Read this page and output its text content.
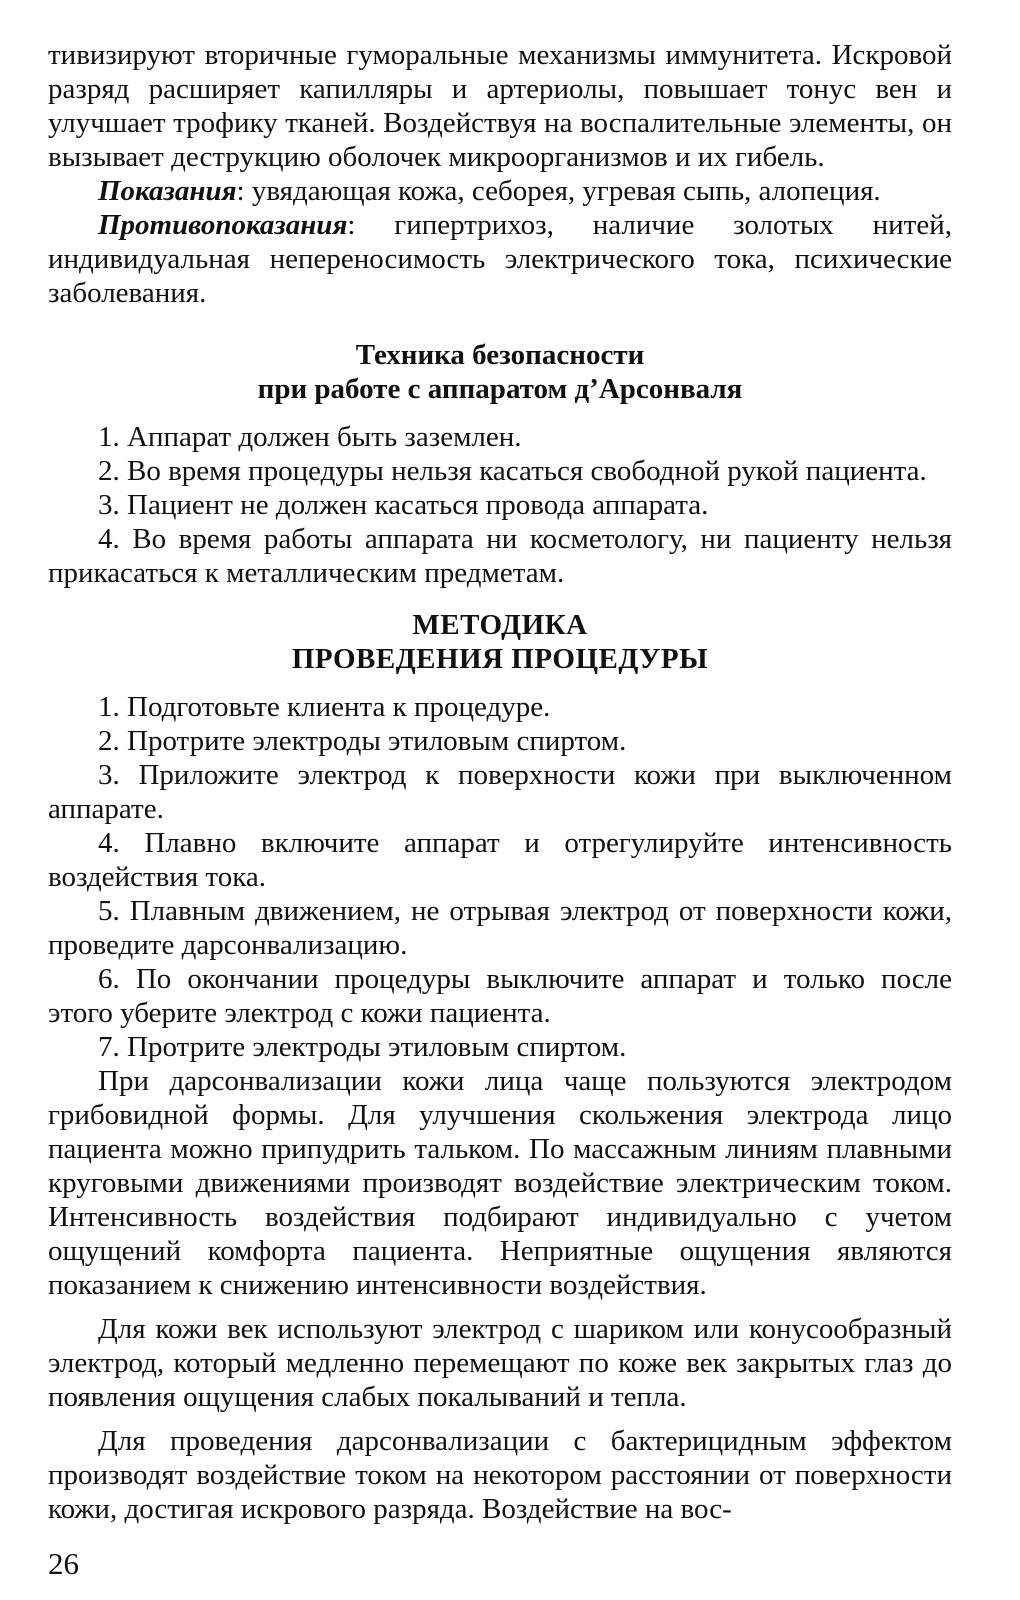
тивизируют вторичные гуморальные механизмы иммунитета. Искровой разряд расширяет капилляры и артериолы, повышает тонус вен и улучшает трофику тканей. Воздействуя на воспалительные элементы, он вызывает деструкцию оболочек микроорганизмов и их гибель.

Показания: увядающая кожа, себорея, угревая сыпь, алопеция.

Противопоказания: гипертрихоз, наличие золотых нитей, индивидуальная непереносимость электрического тока, психические заболевания.

Техника безопасности
при работе с аппаратом д’Арсонваля
1. Аппарат должен быть заземлен.
2. Во время процедуры нельзя касаться свободной рукой пациента.
3. Пациент не должен касаться провода аппарата.
4. Во время работы аппарата ни косметологу, ни пациенту нельзя прикасаться к металлическим предметам.
МЕТОДИКА
ПРОВЕДЕНИЯ ПРОЦЕДУРЫ
1. Подготовьте клиента к процедуре.
2. Протрите электроды этиловым спиртом.
3. Приложите электрод к поверхности кожи при выключенном аппарате.
4. Плавно включите аппарат и отрегулируйте интенсивность воздействия тока.
5. Плавным движением, не отрывая электрод от поверхности кожи, проведите дарсонвализацию.
6. По окончании процедуры выключите аппарат и только после этого уберите электрод с кожи пациента.
7. Протрите электроды этиловым спиртом.

При дарсонвализации кожи лица чаще пользуются электродом грибовидной формы. Для улучшения скольжения электрода лицо пациента можно припудрить тальком. По массажным линиям плавными круговыми движениями производят воздействие электрическим током. Интенсивность воздействия подбирают индивидуально с учетом ощущений комфорта пациента. Неприятные ощущения являются показанием к снижению интенсивности воздействия.

Для кожи век используют электрод с шариком или конусообразный электрод, который медленно перемещают по коже век закрытых глаз до появления ощущения слабых покалываний и тепла.

Для проведения дарсонвализации с бактерицидным эффектом производят воздействие током на некотором расстоянии от поверхности кожи, достигая искрового разряда. Воздействие на вос-

26
